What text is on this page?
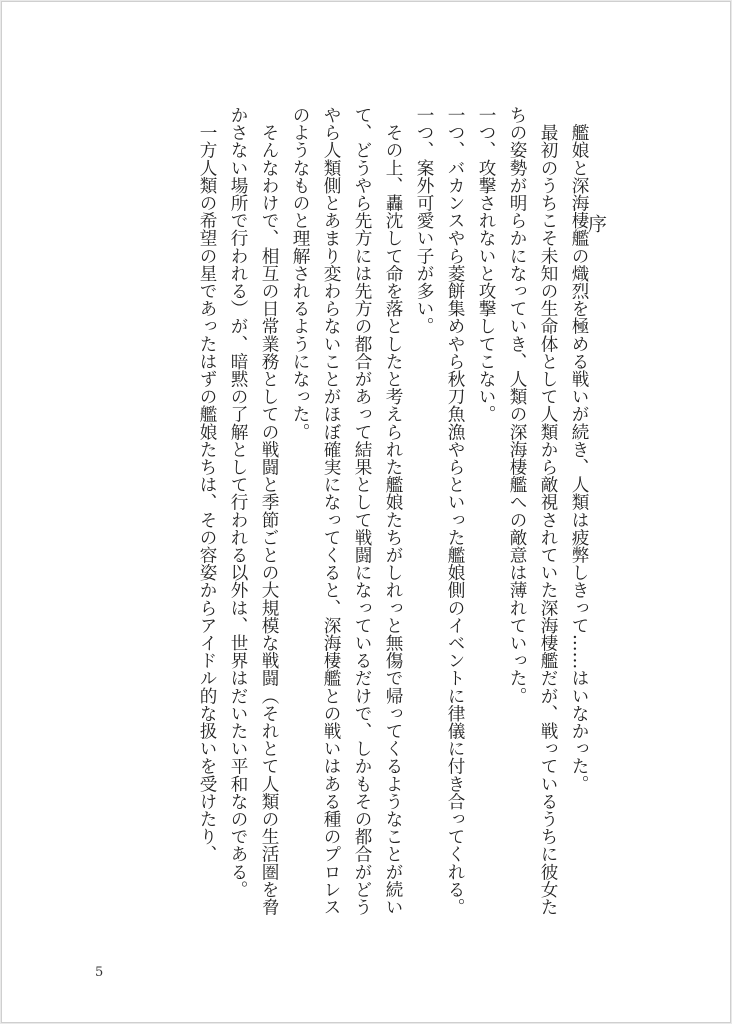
序

　艦娘と深海棲艦の熾烈を極める戦いが続き、人類は疲弊しきって……はいなかった。

　最初のうちこそ未知の生命体として人類から敵視されていた深海棲艦だが、戦っているうちに彼女たちの姿勢が明らかになっていき、人類の深海棲艦への敵意は薄れていった。

一つ、攻撃されないと攻撃してこない。

一つ、バカンスやら菱餅集めやら秋刀魚漁やらといった艦娘側のイベントに律儀に付き合ってくれる。

一つ、案外可愛い子が多い。

　その上、轟沈して命を落としたと考えられた艦娘たちがしれっと無傷で帰ってくるようなことが続いて、どうやら先方には先方の都合があって結果として戦闘になっているだけで、しかもその都合がどうやら人類側とあまり変わらないことがほぼ確実になってくると、深海棲艦との戦いはある種のプロレスのようなものと理解されるようになった。

　そんなわけで、相互の日常業務としての戦闘と季節ごとの大規模な戦闘（それとて人類の生活圏を脅かさない場所で行われる）が、暗黙の了解として行われる以外は、世界はだいたい平和なのである。

　一方人類の希望の星であったはずの艦娘たちは、その容姿からアイドル的な扱いを受けたり、

5
